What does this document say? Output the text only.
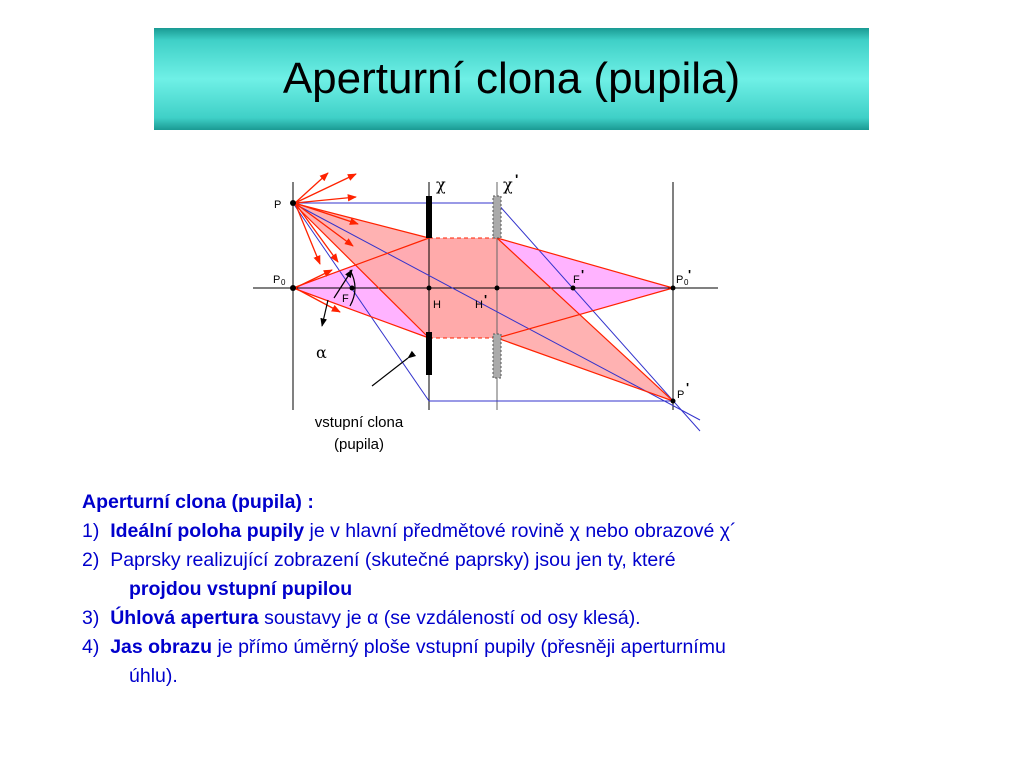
Aperturní clona (pupila)
χ	χ '
P
P 0
F	H	H '
F '	P 0
'
P '
α
vstupní clona
(pupila)
Aperturní clona (pupila) :
1) Ideální poloha pupily je v hlavní předmětové rovině χ nebo obrazové χ´
2) Paprsky realizující zobrazení (skutečné paprsky) jsou jen ty, které
projdou vstupní pupilou
3) Úhlová apertura soustavy je α (se vzdáleností od osy klesá).
4) Jas obrazu je přímo úměrný ploše vstupní pupily (přesněji aperturnímu
úhlu).
